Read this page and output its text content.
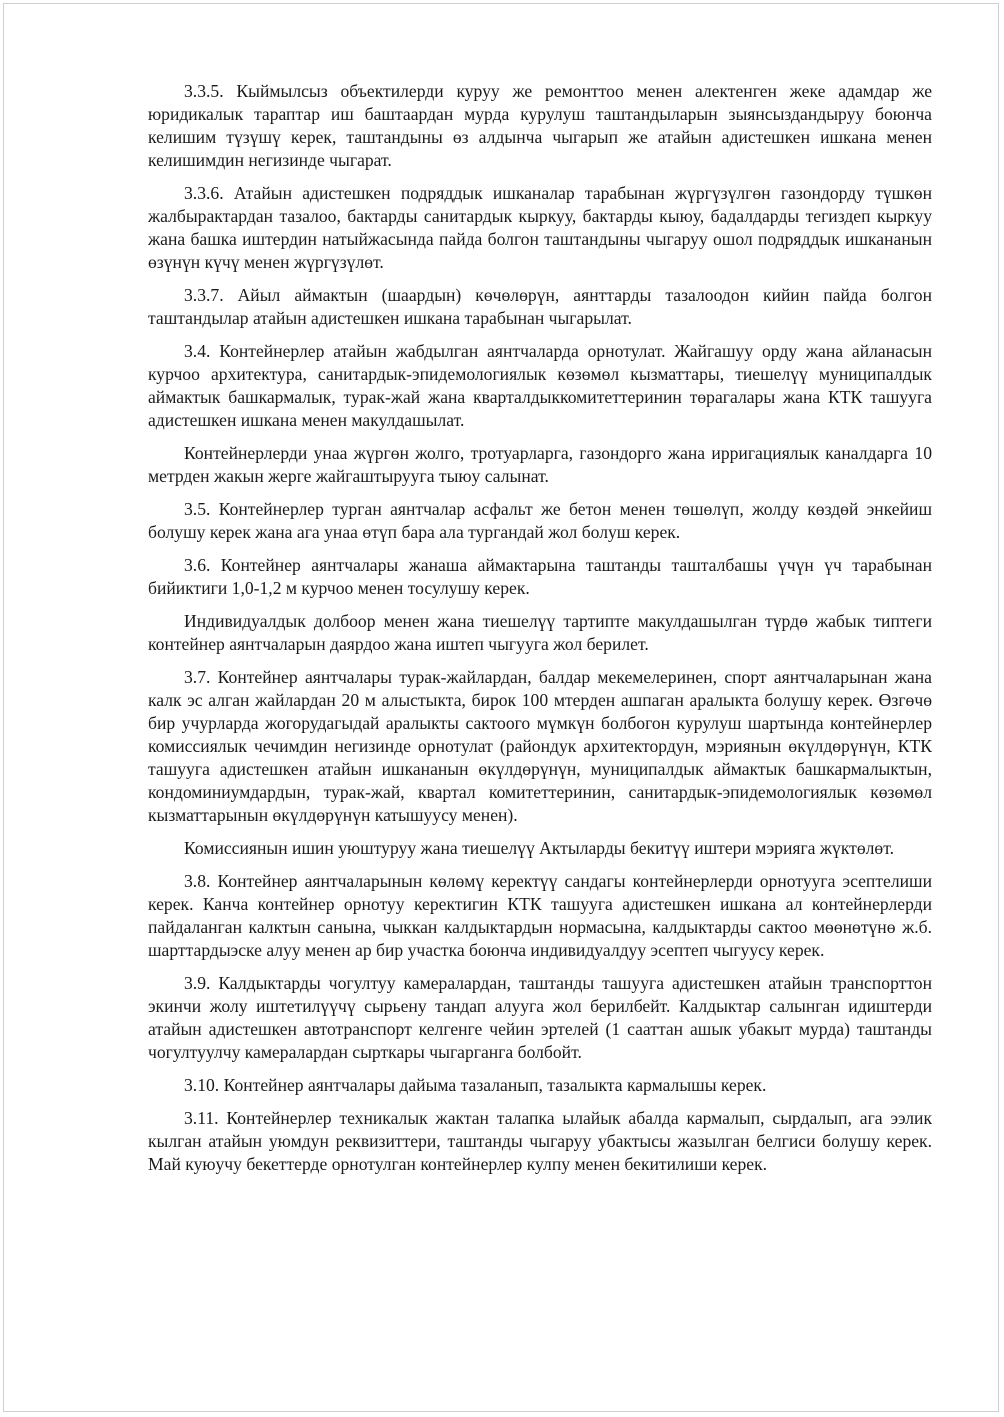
3.3.5. Кыймылсыз объектилерди куруу же ремонттоо менен алектенген жеке адамдар же юридикалык тараптар иш баштаардан мурда курулуш таштандыларын зыянсыздандыруу боюнча келишим түзүшү керек, таштандыны өз алдынча чыгарып же атайын адистешкен ишкана менен келишимдин негизинде чыгарат.

3.3.6. Атайын адистешкен подряддык ишканалар тарабынан жүргүзүлгөн газондорду түшкөн жалбырактардан тазалоо, бактарды санитардык кыркуу, бактарды кыюу, бадалдарды тегиздеп кыркуу жана башка иштердин натыйжасында пайда болгон таштандыны чыгаруу ошол подряддык ишкананын өзүнүн күчү менен жүргүзүлөт.

3.3.7. Айыл аймактын (шаардын) көчөлөрүн, аянттарды тазалоодон кийин пайда болгон таштандылар атайын адистешкен ишкана тарабынан чыгарылат.

3.4. Контейнерлер атайын жабдылган аянтчаларда орнотулат. Жайгашуу орду жана айланасын курчоо архитектура, санитардык-эпидемологиялык көзөмөл кызматтары, тиешелүү муниципалдык аймактык башкармалык, турак-жай жана кварталдыккомитеттеринин төрагалары жана КТК ташууга адистешкен ишкана менен макулдашылат.

Контейнерлерди унаа жүргөн жолго, тротуарларга, газондорго жана ирригациялык каналдарга 10 метрден жакын жерге жайгаштырууга тыюу салынат.

3.5. Контейнерлер турган аянтчалар асфальт же бетон менен төшөлүп, жолду көздөй энкейиш болушу керек жана ага унаа өтүп бара ала тургандай жол болуш керек.

3.6. Контейнер аянтчалары жанаша аймактарына таштанды ташталбашы үчүн үч тарабынан бийиктиги 1,0-1,2 м курчоо менен тосулушу керек.

Индивидуалдык долбоор менен жана тиешелүү тартипте макулдашылган түрдө жабык типтеги контейнер аянтчаларын даярдоо жана иштеп чыгууга жол берилет.

3.7. Контейнер аянтчалары турак-жайлардан, балдар мекемелеринен, спорт аянтчаларынан жана калк эс алган жайлардан 20 м алыстыкта, бирок 100 мтерден ашпаган аралыкта болушу керек. Өзгөчө бир учурларда жогорудагыдай аралыкты сактоого мүмкүн болбогон курулуш шартында контейнерлер комиссиялык чечимдин негизинде орнотулат (райондук архитектордун, мэриянын өкүлдөрүнүн, КТК ташууга адистешкен атайын ишкананын өкүлдөрүнүн, муниципалдык аймактык башкармалыктын, кондоминиумдардын, турак-жай, квартал комитеттеринин, санитардык-эпидемологиялык көзөмөл кызматтарынын өкүлдөрүнүн катышуусу менен).

Комиссиянын ишин уюштуруу жана тиешелүү Актыларды бекитүү иштери мэрияга жүктөлөт.

3.8. Контейнер аянтчаларынын көлөмү керектүү сандагы контейнерлерди орнотууга эсептелиши керек. Канча контейнер орнотуу керектигин КТК ташууга адистешкен ишкана ал контейнерлерди пайдаланган калктын санына, чыккан калдыктардын нормасына, калдыктарды сактоо мөөнөтүнө ж.б. шарттардыэске алуу менен ар бир участка боюнча индивидуалдуу эсептеп чыгуусу керек.

3.9. Калдыктарды чогултуу камералардан, таштанды ташууга адистешкен атайын транспорттон экинчи жолу иштетилүүчү сырьену тандап алууга жол берилбейт. Калдыктар салынган идиштерди атайын адистешкен автотранспорт келгенге чейин эртелей (1 сааттан ашык убакыт мурда) таштанды чогултуулчу камералардан сырткары чыгарганга болбойт.

3.10. Контейнер аянтчалары дайыма тазаланып, тазалыкта кармалышы керек.

3.11. Контейнерлер техникалык жактан талапка ылайык абалда кармалып, сырдалып, ага ээлик кылган атайын уюмдун реквизиттери, таштанды чыгаруу убактысы жазылган белгиси болушу керек. Май куюучу бекеттерде орнотулган контейнерлер кулпу менен бекитилиши керек.
